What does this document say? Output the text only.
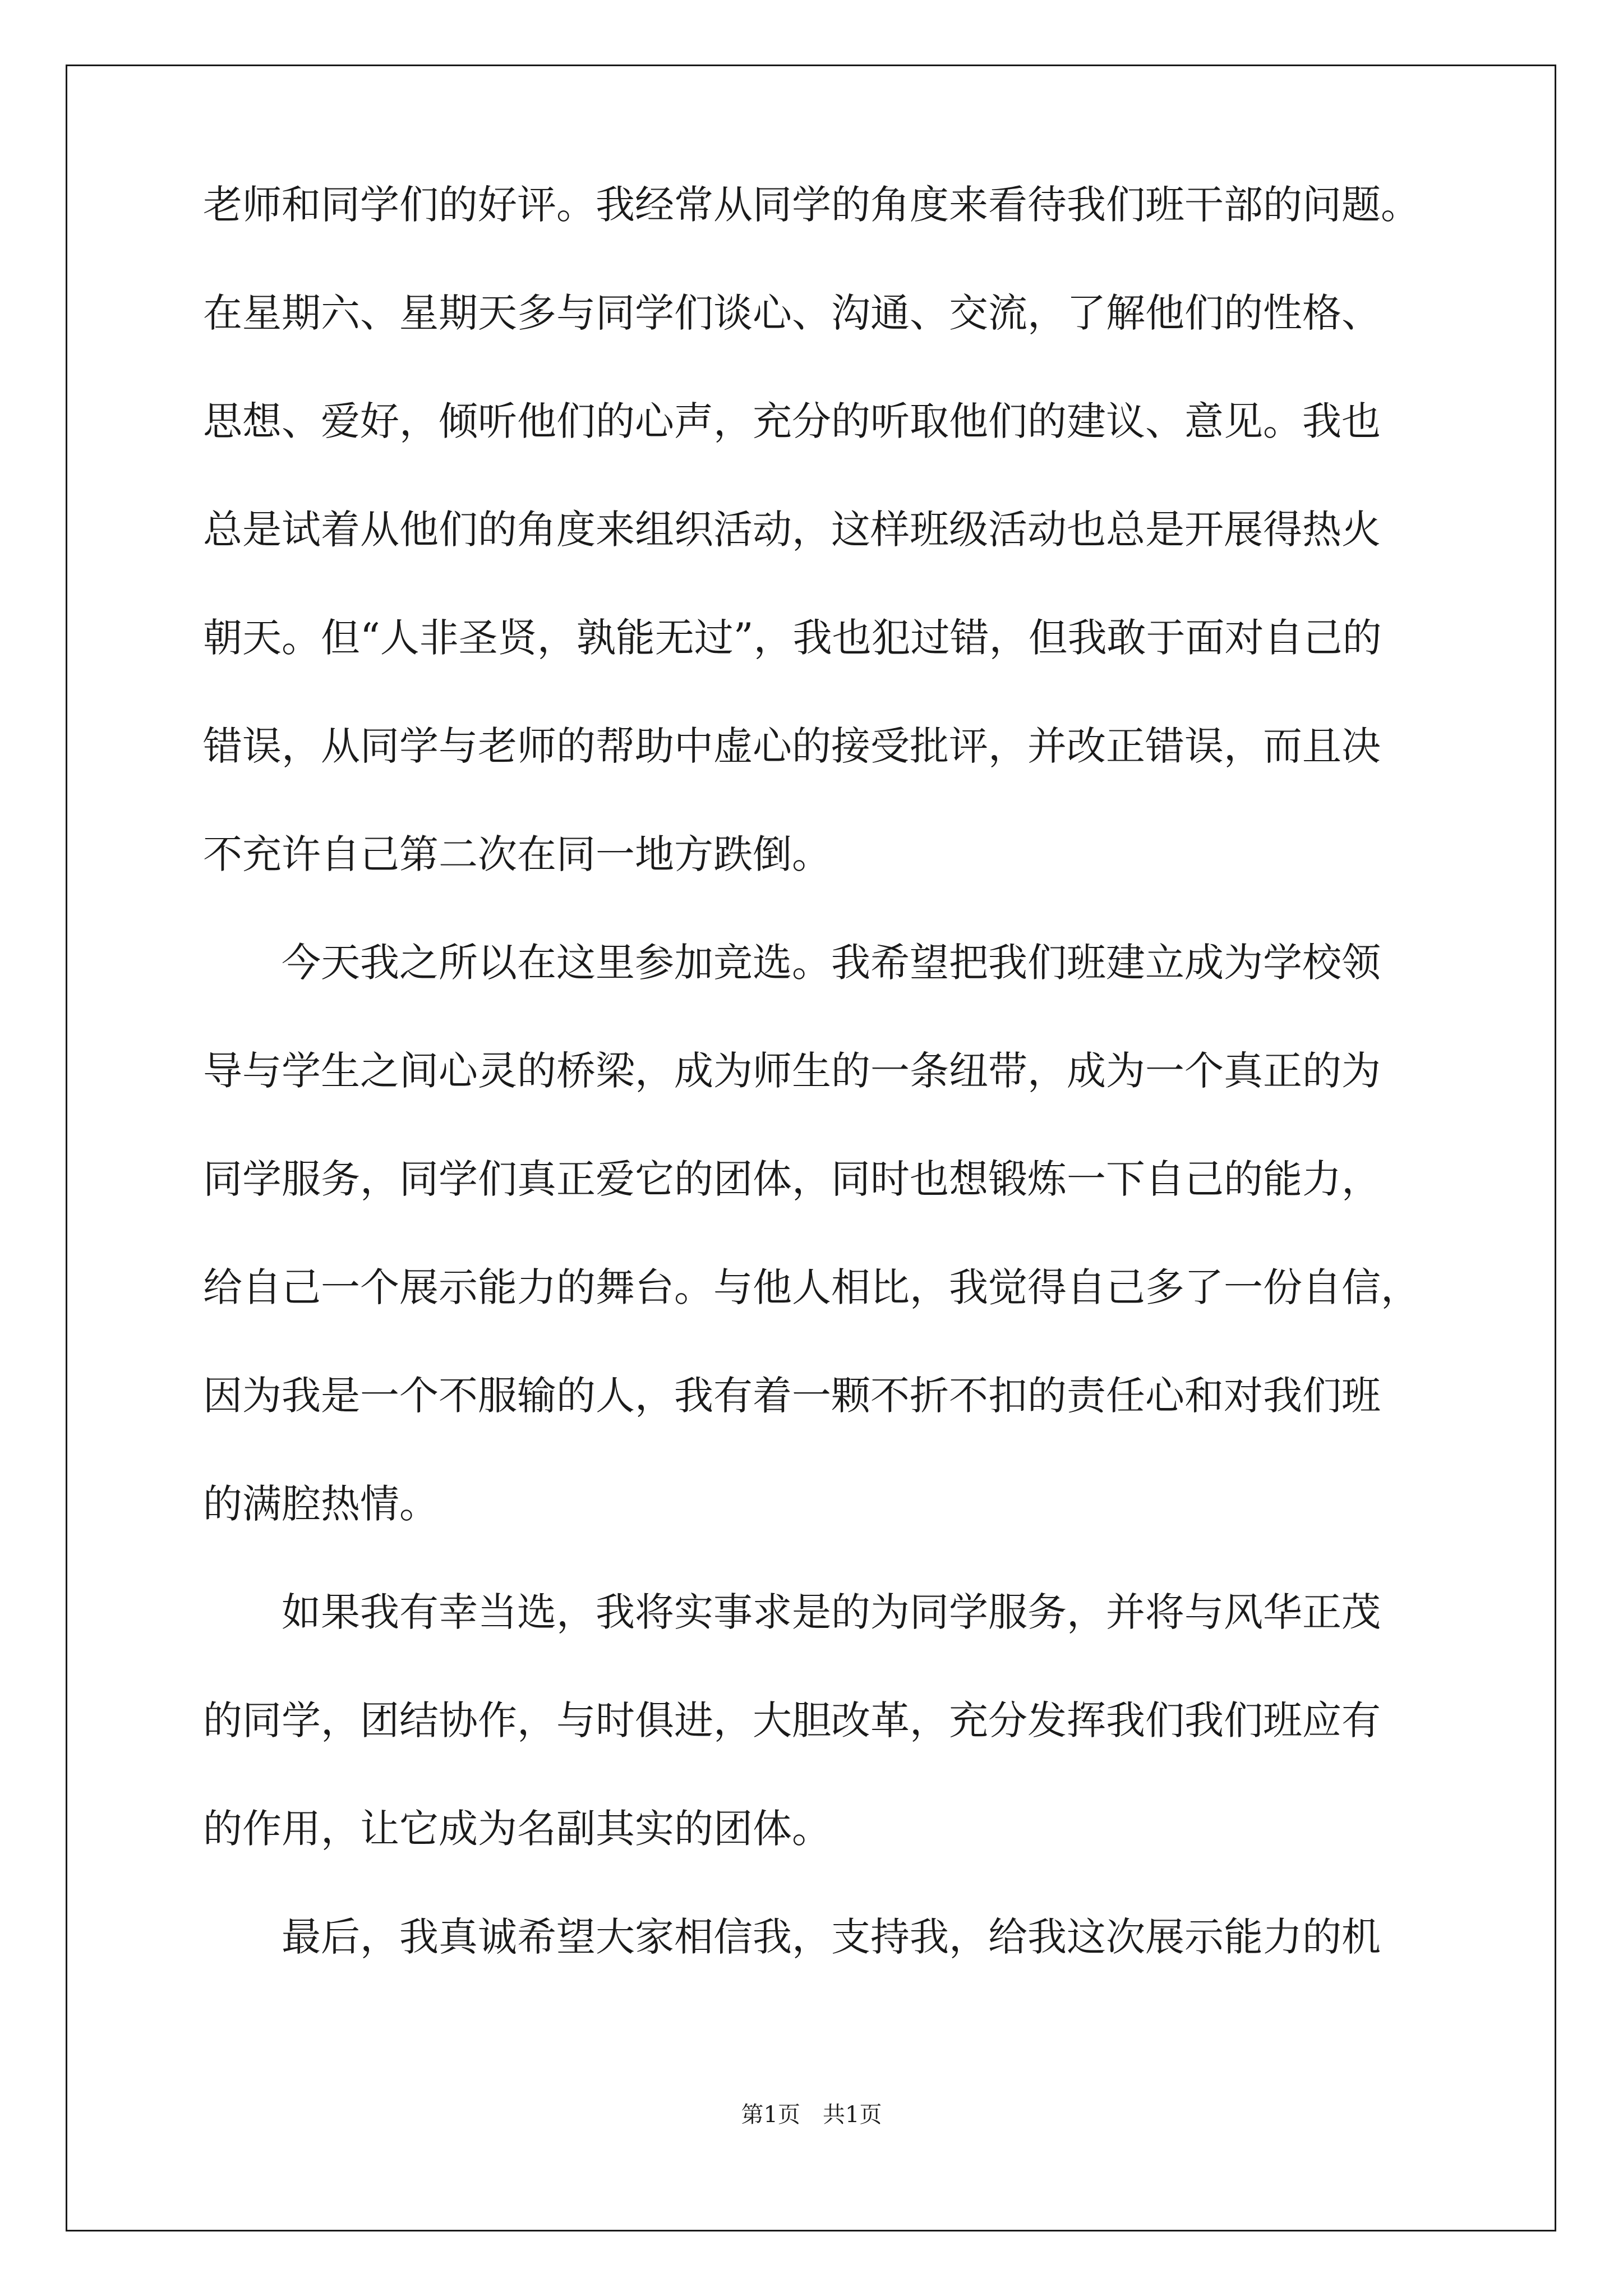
老师和同学们的好评。我经常从同学的角度来看待我们班干部的问题。
在星期六、星期天多与同学们谈心、沟通、交流，了解他们的性格、
思想、爱好，倾听他们的心声，充分的听取他们的建议、意见。我也
总是试着从他们的角度来组织活动，这样班级活动也总是开展得热火
朝天。但“人非圣贤，孰能无过”，我也犯过错，但我敢于面对自己的
错误，从同学与老师的帮助中虚心的接受批评，并改正错误，而且决
不充许自己第二次在同一地方跌倒。
今天我之所以在这里参加竞选。我希望把我们班建立成为学校领
导与学生之间心灵的桥梁，成为师生的一条纽带，成为一个真正的为
同学服务，同学们真正爱它的团体，同时也想锻炼一下自己的能力，
给自己一个展示能力的舞台。与他人相比，我觉得自己多了一份自信，
因为我是一个不服输的人，我有着一颗不折不扣的责任心和对我们班
的满腔热情。
如果我有幸当选，我将实事求是的为同学服务，并将与风华正茂
的同学，团结协作，与时俱进，大胆改革，充分发挥我们我们班应有
的作用，让它成为名副其实的团体。
最后，我真诚希望大家相信我，支持我，给我这次展示能力的机
第1页　共1页
